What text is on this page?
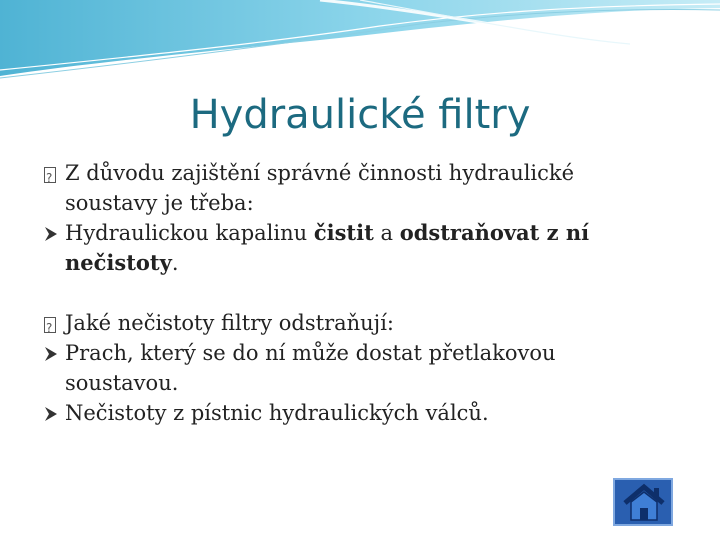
Hydraulické filtry

?
Z důvodu zajištění správné činnosti hydraulické soustavy je třeba:

Hydraulickou kapalinu čistit a odstraňovat z ní nečistoty.

?
Jaké nečistoty filtry odstraňují:

Prach, který se do ní může dostat přetlakovou soustavou.

Nečistoty z pístnic hydraulických válců.
